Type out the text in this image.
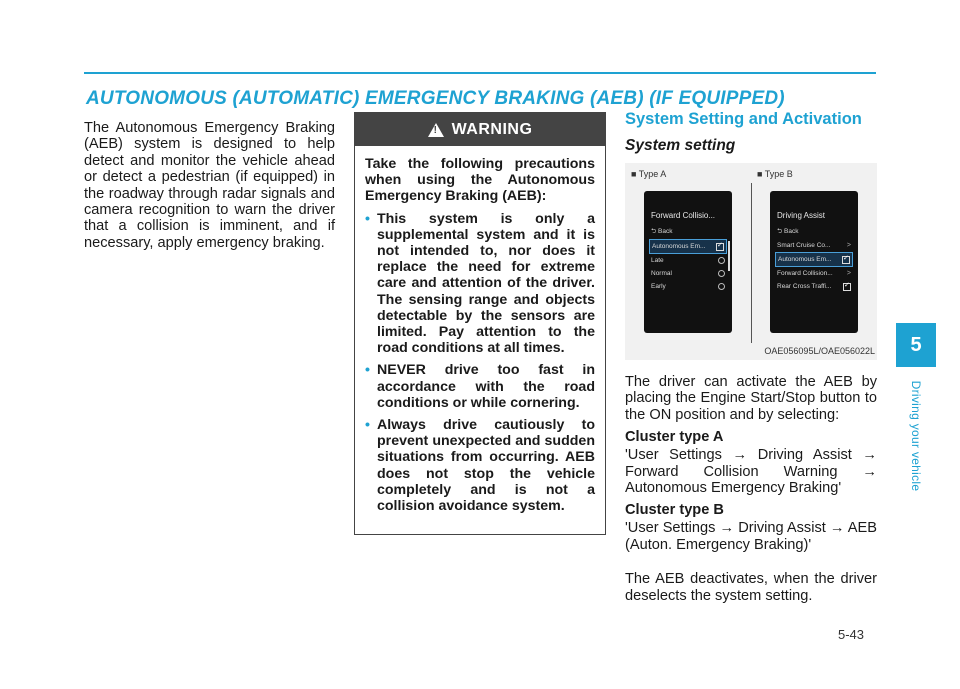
AUTONOMOUS (AUTOMATIC) EMERGENCY BRAKING (AEB) (IF EQUIPPED)
The Autonomous Emergency Braking (AEB) system is designed to help detect and monitor the vehicle ahead or detect a pedestrian (if equipped) in the roadway through radar signals and camera recognition to warn the driver that a collision is imminent, and if necessary, apply emergency braking.
!
WARNING
Take the following precautions when using the Autonomous Emergency Braking (AEB):
• This system is only a supplemental system and it is not intended to, nor does it replace the need for extreme care and attention of the driver. The sensing range and objects detectable by the sensors are limited. Pay attention to the road conditions at all times.
• NEVER drive too fast in accordance with the road conditions or while cornering.
• Always drive cautiously to prevent unexpected and sudden situations from occurring. AEB does not stop the vehicle completely and is not a collision avoidance system.
System Setting and Activation
System setting
■ Type A	■ Type B
Forward Collisio...
⮌ Back
Autonomous Em...
✓
Late
Normal
Early
Driving Assist
⮌ Back
Smart Cruise Co... >
Autonomous Em...
✓
Forward Collision... >
Rear Cross Traffi...
✓
OAE056095L/OAE056022L
The driver can activate the AEB by placing the Engine Start/Stop button to the ON position and by selecting:
Cluster type A
'User Settings → Driving Assist → Forward Collision Warning → Autonomous Emergency Braking'
Cluster type B
'User Settings → Driving Assist → AEB (Auton. Emergency Braking)'
The AEB deactivates, when the driver deselects the system setting.
5
Driving your vehicle
5-43
